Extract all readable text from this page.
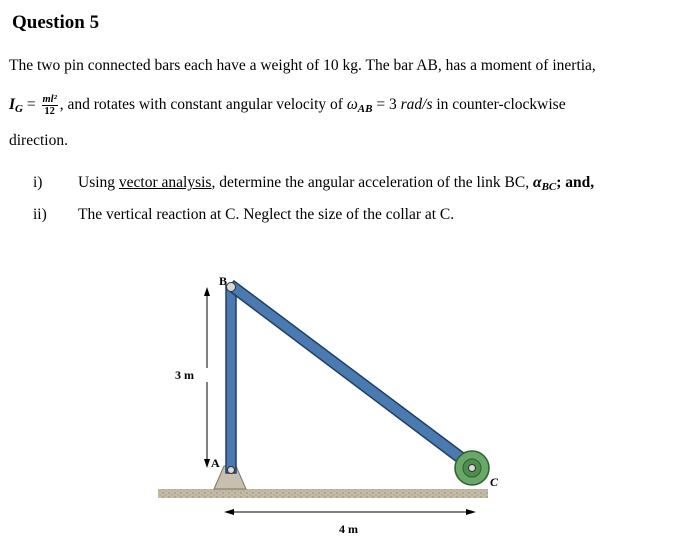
Question 5
The two pin connected bars each have a weight of 10 kg. The bar AB, has a moment of inertia,
$I_G = \frac{\text{ml²}}{12}$ , and rotates with constant angular velocity of $\omega_{AB} = 3$ rad/s in counter-clockwise
direction.
i) Using vector analysis, determine the angular acceleration of the link BC, $\alpha_{BC}$; and,
ii) The vertical reaction at C. Neglect the size of the collar at C.
B
A
C
3 m
4 m
